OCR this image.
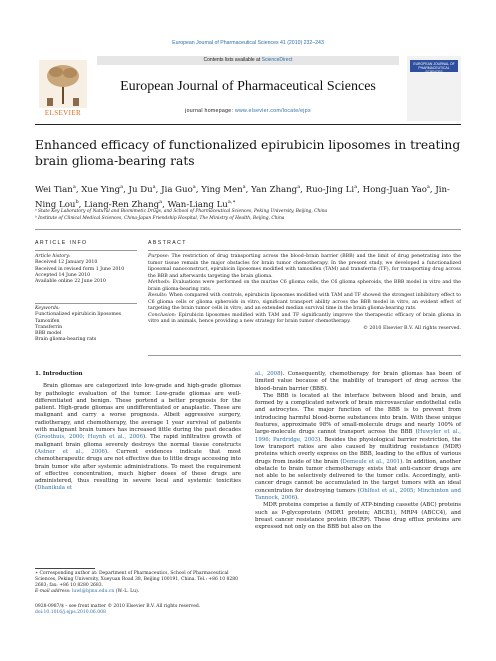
European Journal of Pharmaceutical Sciences 41 (2010) 232–243
ELSEVIER
Contents lists available at ScienceDirect
European Journal of Pharmaceutical Sciences
journal homepage: www.elsevier.com/locate/ejps
EUROPEAN JOURNAL OF PHARMACEUTICAL SCIENCES
Enhanced efficacy of functionalized epirubicin liposomes in treating brain glioma-bearing rats
Wei Tian$^a$, Xue Ying$^a$, Ju Du$^a$, Jia Guo$^a$, Ying Men$^a$, Yan Zhang$^a$, Ruo-Jing Li$^a$, Hong-Juan Yao$^a$, Jin-Ning Lou$^b$, Liang-Ren Zhang$^a$, Wan-Liang $Lu^{a,∗}$
ᵃ State Key Laboratory of Natural and Biomimetic Drugs, and School of Pharmaceutical Sciences, Peking University, Beijing, China
ᵇ Institute of Clinical Medical Sciences, China-Japan Friendship Hospital, The Ministry of Health, Beijing, China
ARTICLE INFO	ABSTRACT
Article history:
Received 12 January 2010
Received in revised form 1 June 2010
Accepted 14 June 2010
Available online 22 June 2010
Keywords:
Functionalized epirubicin liposomes
Tamoxifen
Transferrin
BBB model
Brain glioma-bearing rats

Purpose: The restriction of drug transporting across the blood–brain barrier (BBB) and the limit of drug penetrating into the tumor tissue remain the major obstacles for brain tumor chemotherapy. In the present study, we developed a functionalized liposomal nanoconstruct, epirubicin liposomes modified with tamoxifen (TAM) and transferrin (TF), for transporting drug across the BBB and afterwards targeting the brain glioma.

Methods: Evaluations were performed on the murine C6 glioma cells, the C6 glioma spheroids, the BBB model in vitro and the brain glioma-bearing rats.

Results: When compared with controls, epirubicin liposomes modified with TAM and TF showed the strongest inhibitory effect to C6 glioma cells or glioma spheroids in vitro, significant transport ability across the BBB model in vitro, an evident effect of targeting the brain tumor cells in vitro, and an extended median survival time in the brain glioma-bearing rats.

Conclusion: Epirubicin liposomes modified with TAM and TF significantly improve the therapeutic efficacy of brain glioma in vitro and in animals, hence providing a new strategy for brain tumor chemotherapy.

© 2010 Elsevier B.V. All rights reserved.

1. Introduction

Brain gliomas are categorized into low-grade and high-grade gliomas by pathologic evaluation of the tumor. Low-grade gliomas are well-differentiated and benign. These portend a better prognosis for the patient. High-grade gliomas are undifferentiated or anaplastic. These are malignant and carry a worse prognosis. Albeit aggressive surgery, radiotherapy, and chemotherapy, the average 1 year survival of patients with malignant brain tumors has increased little during the past decades (Groothuis, 2000; Huynh et al., 2006). The rapid infiltrative growth of malignant brain glioma severely destroys the normal tissue constructs (Astner et al., 2006). Current evidences indicate that most chemotherapeutic drugs are not effective due to little drugs accessing into brain tumor site after systemic administrations. To meet the requirement of effective concentration, much higher doses of these drugs are administered, thus resulting in severe local and systemic toxicities (Dhanikula et

al., 2008). Consequently, chemotherapy for brain gliomas has been of limited value because of the inability of transport of drug across the blood–brain barrier (BBB).

The BBB is located at the interface between blood and brain, and formed by a complicated network of brain microvascular endothelial cells and astrocytes. The major function of the BBB is to prevent from introducing harmful blood-borne substances into brain. With these unique features, approximate 98% of small-molecule drugs and nearly 100% of large-molecule drugs cannot transport across the BBB (Huwyler et al., 1996; Pardridge, 2003). Besides the physiological barrier restriction, the low transport ratios are also caused by multidrug resistance (MDR) proteins which overly express on the BBB, leading to the efflux of various drugs from inside of the brain (Demeule et al., 2001). In addition, another obstacle to brain tumor chemotherapy exists that anti-cancer drugs are not able to be selectively delivered to the tumor cells. Accordingly, anti-cancer drugs cannot be accumulated in the target tumors with an ideal concentration for destroying tumors (Ohlfest et al., 2005; Minchinton and Tannock, 2006).

MDR proteins comprise a family of ATP-binding cassette (ABC) proteins such as P-glycoprotein (MDR1 protein; ABCB1), MRP4 (ABCC4), and breast cancer resistance protein (BCRP). These drug efflux proteins are expressed not only on the BBB but also on the

∗ Corresponding author at: Department of Pharmaceutics, School of Pharmaceutical Sciences, Peking University, Xueyuan Road 38, Beijing 100191, China. Tel.: +86 10 8280 2683; fax: +86 10 8280 2683.
E-mail address: luwl@bjmu.edu.cn (W.-L. Lu).
0928-0987/$ – see front matter © 2010 Elsevier B.V. All rights reserved.
doi:10.1016/j.ejps.2010.06.008
